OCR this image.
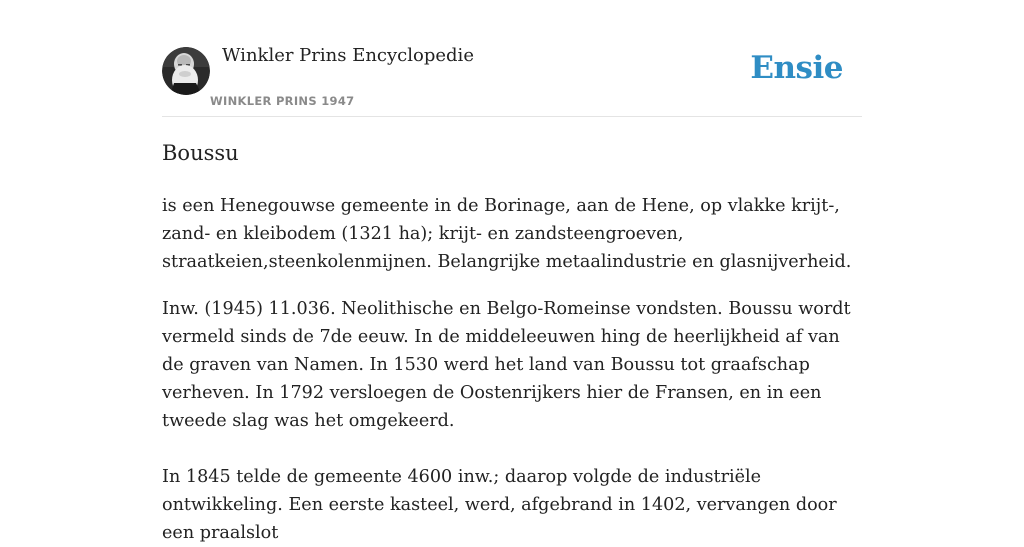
Winkler Prins Encyclopedie
WINKLER PRINS 1947
Ensie
Boussu

is een Henegouwse gemeente in de Borinage, aan de Hene, op vlakke krijt-, zand- en kleibodem (1321 ha); krijt- en zandsteengroeven, straatkeien,steenkolenmijnen. Belangrijke metaalindustrie en glasnijverheid.

Inw. (1945) 11.036. Neolithische en Belgo-Romeinse vondsten. Boussu wordt vermeld sinds de 7de eeuw. In de middeleeuwen hing de heerlijkheid af van de graven van Namen. In 1530 werd het land van Boussu tot graafschap verheven. In 1792 versloegen de Oostenrijkers hier de Fransen, en in een tweede slag was het omgekeerd.

In 1845 telde de gemeente 4600 inw.; daarop volgde de industriële ontwikkeling. Een eerste kasteel, werd, afgebrand in 1402, vervangen door een praalslot
